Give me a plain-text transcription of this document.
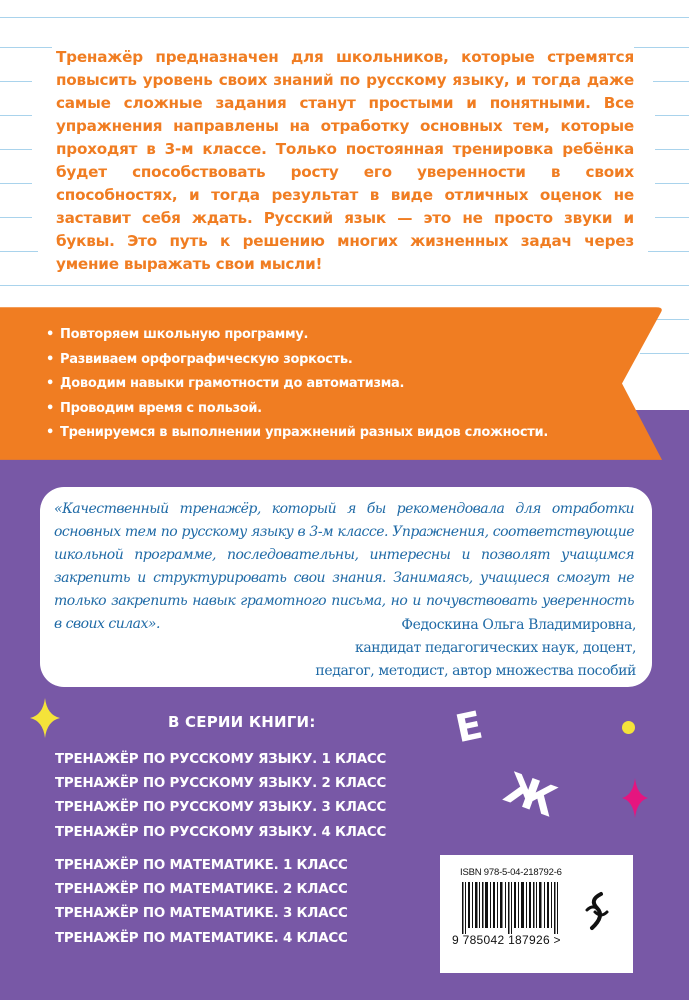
Тренажёр предназначен для школьников, которые стремятся повысить уровень своих знаний по русскому языку, и тогда даже самые сложные задания станут простыми и понятными. Все упражнения направлены на отработку основных тем, которые проходят в 3-м классе. Только постоянная тренировка ребёнка будет способствовать росту его уверенности в своих способностях, и тогда результат в виде отличных оценок не заставит себя ждать. Русский язык — это не просто звуки и буквы. Это путь к решению многих жизненных задач через умение выражать свои мысли!

• Повторяем школьную программу.
• Развиваем орфографическую зоркость.
• Доводим навыки грамотности до автоматизма.
• Проводим время с пользой.
• Тренируемся в выполнении упражнений разных видов сложности.

«Качественный тренажёр, который я бы рекомендовала для отработки основных тем по русскому языку в 3-м классе. Упражнения, соответствующие школьной программе, последовательны, интересны и позволят учащимся закрепить и структурировать свои знания. Занимаясь, учащиеся смогут не только закрепить навык грамотного письма, но и почувствовать уверенность в своих силах».	Федоскина Ольга Владимировна,
кандидат педагогических наук, доцент,
педагог, методист, автор множества пособий
В СЕРИИ КНИГИ:
ТРЕНАЖЁР ПО РУССКОМУ ЯЗЫКУ. 1 КЛАСС
ТРЕНАЖЁР ПО РУССКОМУ ЯЗЫКУ. 2 КЛАСС
ТРЕНАЖЁР ПО РУССКОМУ ЯЗЫКУ. 3 КЛАСС
ТРЕНАЖЁР ПО РУССКОМУ ЯЗЫКУ. 4 КЛАСС
ТРЕНАЖЁР ПО МАТЕМАТИКЕ. 1 КЛАСС
ТРЕНАЖЁР ПО МАТЕМАТИКЕ. 2 КЛАСС
ТРЕНАЖЁР ПО МАТЕМАТИКЕ. 3 КЛАСС
ТРЕНАЖЁР ПО МАТЕМАТИКЕ. 4 КЛАСС
Е
Ж
ISBN 978-5-04-218792-6
9 785042 187926 >
